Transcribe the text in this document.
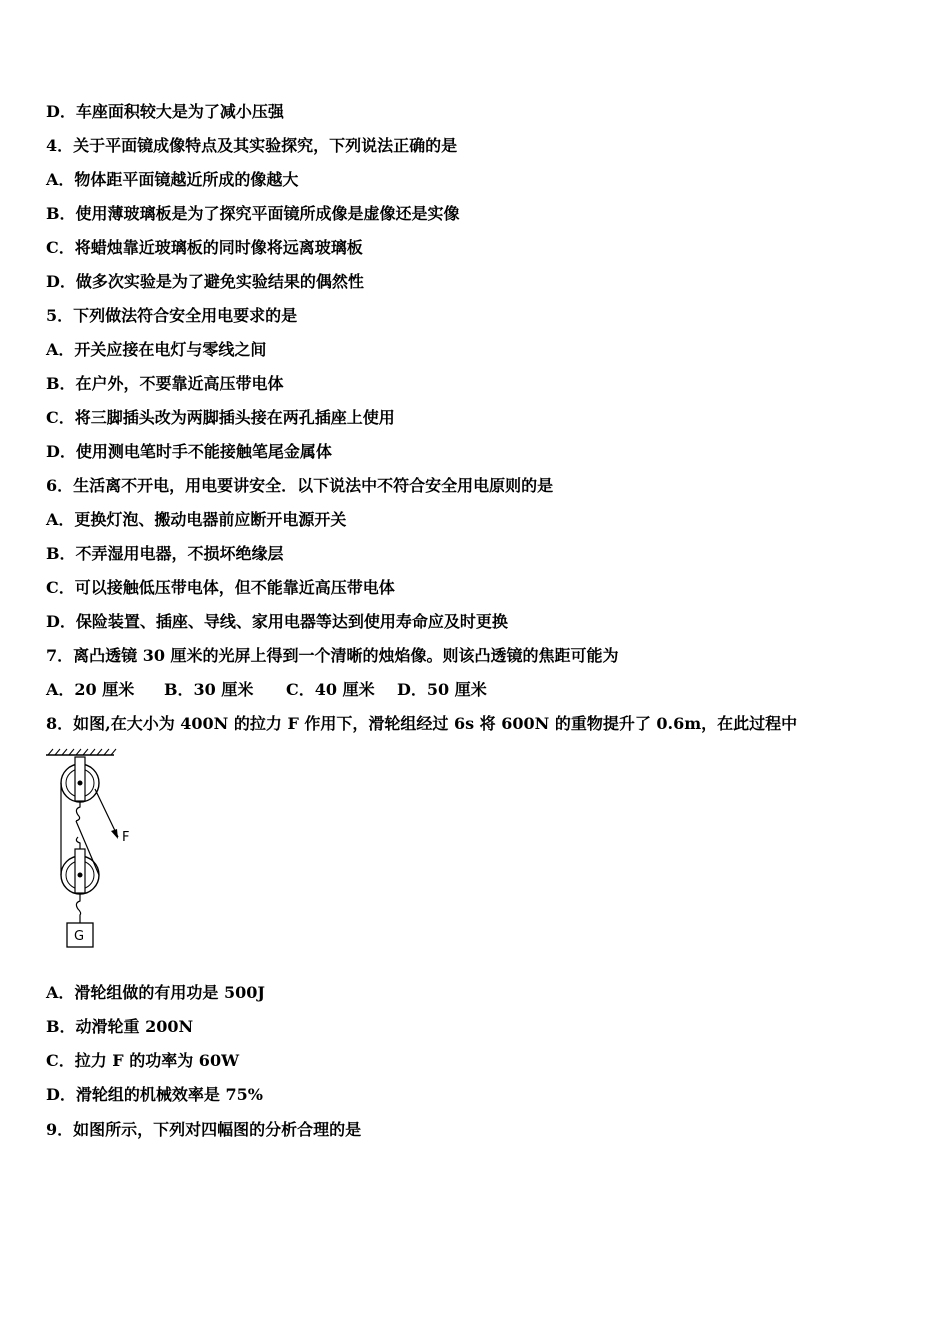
D．车座面积较大是为了减小压强
4．关于平面镜成像特点及其实验探究，下列说法正确的是
A．物体距平面镜越近所成的像越大
B．使用薄玻璃板是为了探究平面镜所成像是虚像还是实像
C．将蜡烛靠近玻璃板的同时像将远离玻璃板
D．做多次实验是为了避免实验结果的偶然性
5．下列做法符合安全用电要求的是
A．开关应接在电灯与零线之间
B．在户外，不要靠近高压带电体
C．将三脚插头改为两脚插头接在两孔插座上使用
D．使用测电笔时手不能接触笔尾金属体
6．生活离不开电，用电要讲安全．以下说法中不符合安全用电原则的是
A．更换灯泡、搬动电器前应断开电源开关
B．不弄湿用电器，不损坏绝缘层
C．可以接触低压带电体，但不能靠近高压带电体
D．保险装置、插座、导线、家用电器等达到使用寿命应及时更换
7．离凸透镜 30 厘米的光屏上得到一个清晰的烛焰像。则该凸透镜的焦距可能为
A．20 厘米	B．30 厘米	C．40 厘米	D．50 厘米
8．如图,在大小为 400N 的拉力 F 作用下，滑轮组经过 6s 将 600N 的重物提升了 0.6m，在此过程中
F
G
A．滑轮组做的有用功是 500J
B．动滑轮重 200N
C．拉力 F 的功率为 60W
D．滑轮组的机械效率是 75%
9．如图所示，下列对四幅图的分析合理的是
